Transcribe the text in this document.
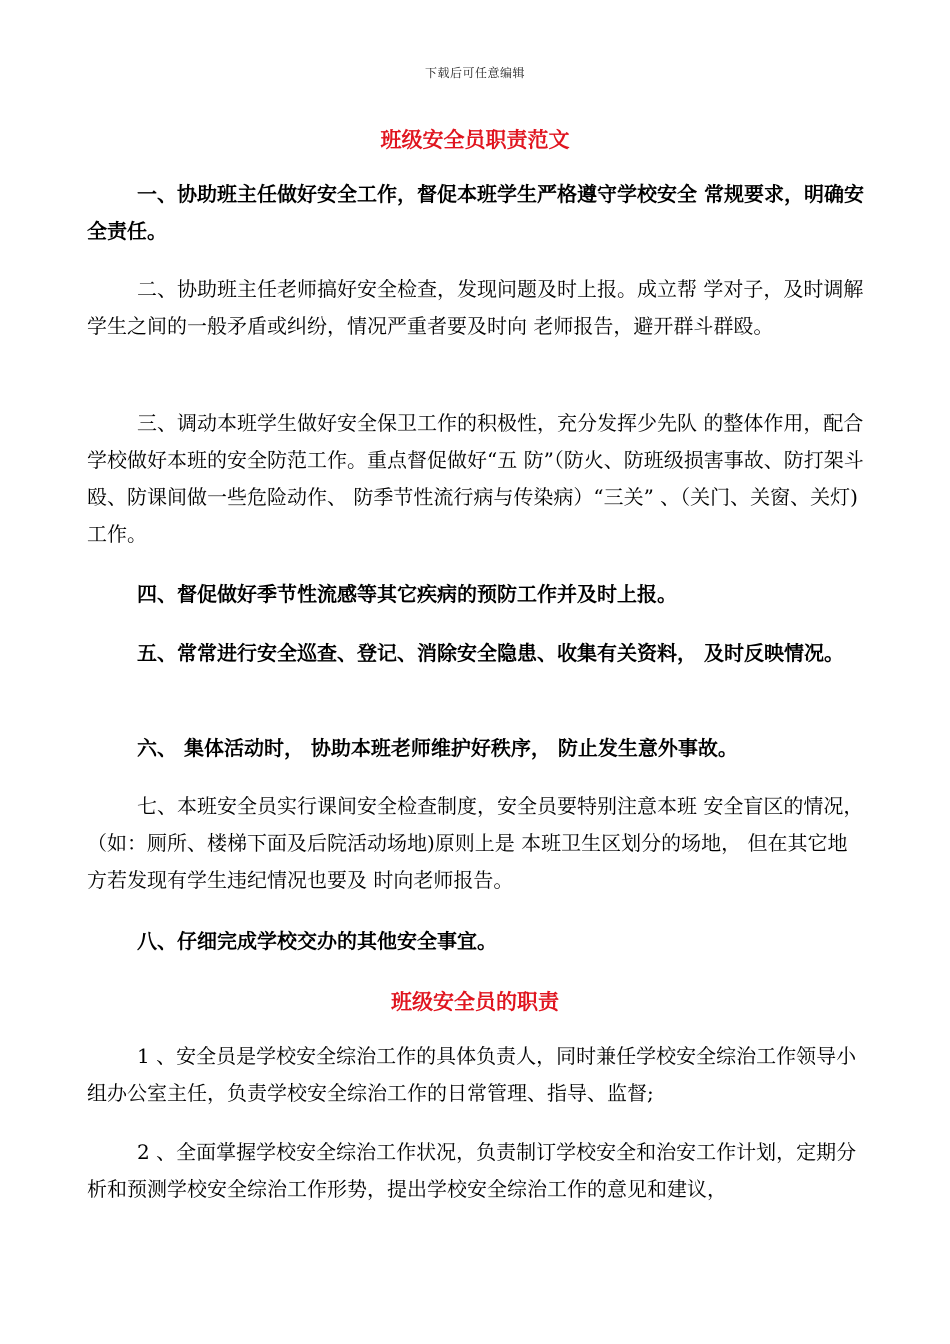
下载后可任意编辑
班级安全员职责范文

一、协助班主任做好安全工作，督促本班学生严格遵守学校安全 常规要求，明确安全责任。

二、协助班主任老师搞好安全检查，发现问题及时上报。成立帮 学对子，及时调解学生之间的一般矛盾或纠纷，情况严重者要及时向 老师报告，避开群斗群殴。

三、调动本班学生做好安全保卫工作的积极性，充分发挥少先队 的整体作用，配合学校做好本班的安全防范工作。重点督促做好“五 防”（防火、防班级损害事故、防打架斗殴、防课间做一些危险动作、 防季节性流行病与传染病）“三关” 、（关门、关窗、关灯)工作。

四、督促做好季节性流感等其它疾病的预防工作并及时上报。

五、常常进行安全巡查、登记、消除安全隐患、收集有关资料， 及时反映情况。

六、 集体活动时， 协助本班老师维护好秩序， 防止发生意外事故。

七、本班安全员实行课间安全检查制度，安全员要特别注意本班 安全盲区的情况，（如：厕所、楼梯下面及后院活动场地)原则上是 本班卫生区划分的场地， 但在其它地方若发现有学生违纪情况也要及 时向老师报告。

八、仔细完成学校交办的其他安全事宜。

班级安全员的职责

1 、安全员是学校安全综治工作的具体负责人，同时兼任学校安全综治工作领导小组办公室主任，负责学校安全综治工作的日常管理、指导、监督;

2 、全面掌握学校安全综治工作状况，负责制订学校安全和治安工作计划，定期分析和预测学校安全综治工作形势，提出学校安全综治工作的意见和建议，
